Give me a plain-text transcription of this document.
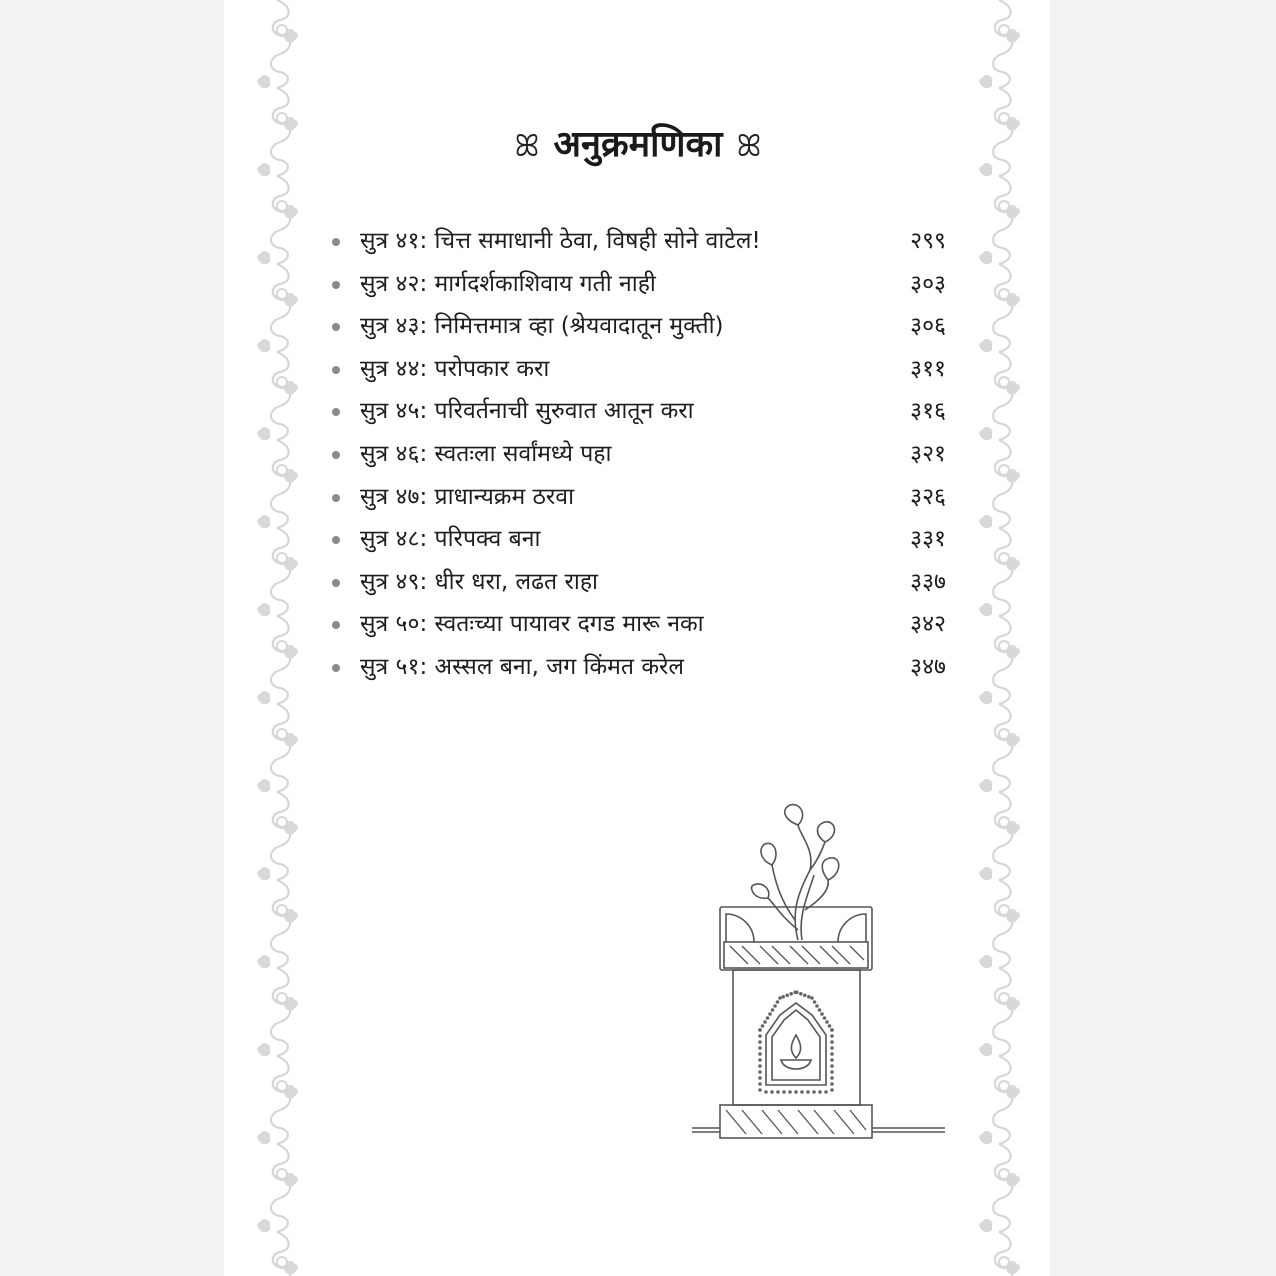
ꕤ अनुक्रमणिका ꕤ
सुत्र ४१: चित्त समाधानी ठेवा, विषही सोने वाटेल!	२९९
सुत्र ४२: मार्गदर्शकाशिवाय गती नाही	३०३
सुत्र ४३: निमित्तमात्र व्हा (श्रेयवादातून मुक्ती)	३०६
सुत्र ४४: परोपकार करा	३११
सुत्र ४५: परिवर्तनाची सुरुवात आतून करा	३१६
सुत्र ४६: स्वतःला सर्वांमध्ये पहा	३२१
सुत्र ४७: प्राधान्यक्रम ठरवा	३२६
सुत्र ४८: परिपक्व बना	३३१
सुत्र ४९: धीर धरा, लढत राहा	३३७
सुत्र ५०: स्वतःच्या पायावर दगड मारू नका	३४२
सुत्र ५१: अस्सल बना, जग किंमत करेल	३४७
